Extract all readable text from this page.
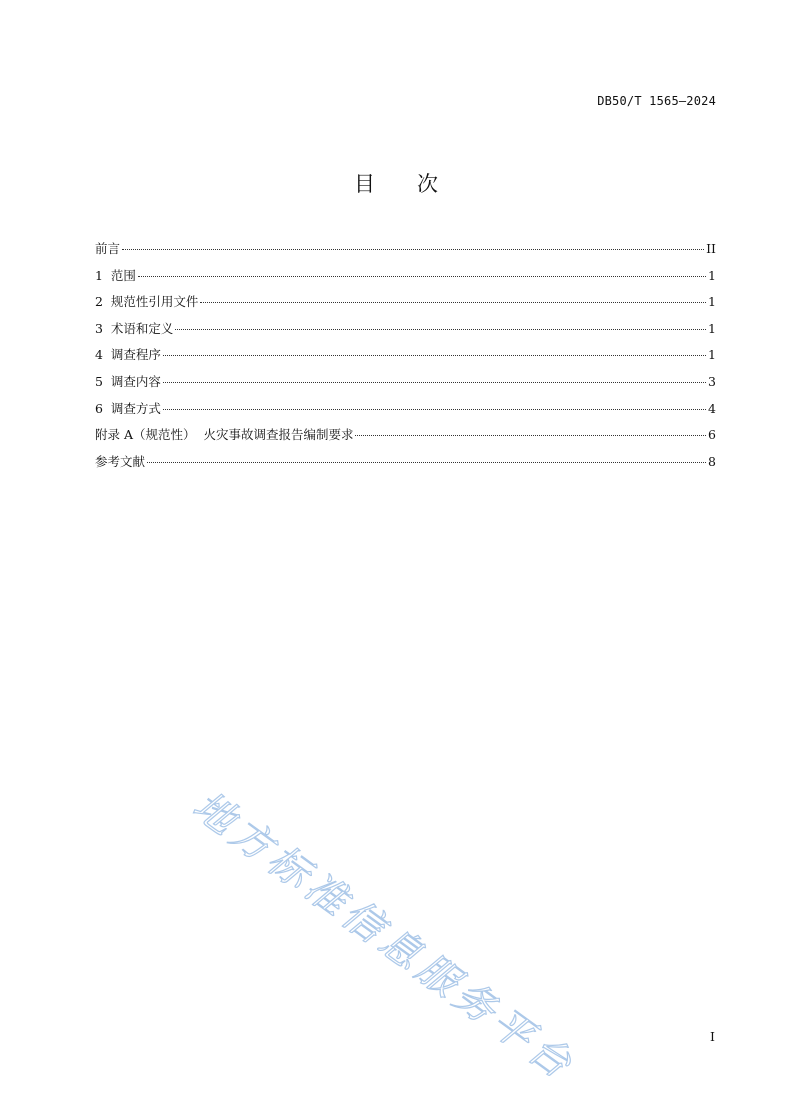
DB50/T 1565—2024
目 次
前言	II
1  范围	1
2  规范性引用文件	1
3  术语和定义	1
4  调查程序	1
5  调查内容	3
6  调查方式	4
附录 A（规范性）  火灾事故调查报告编制要求	6
参考文献	8
地方标准信息服务平台	I
